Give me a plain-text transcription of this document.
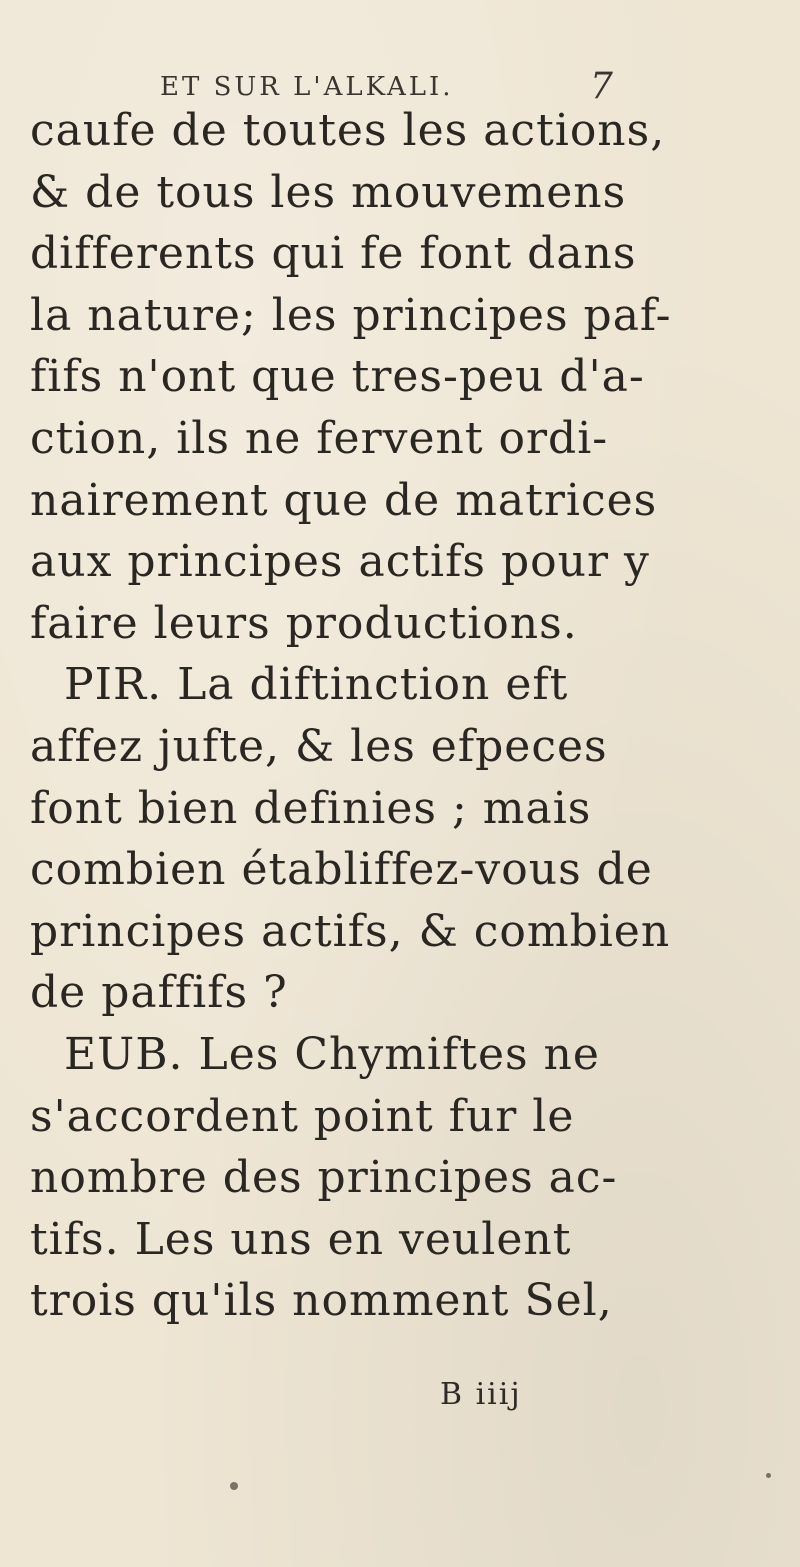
ET SUR L'ALKALI.	7
caufe de toutes les actions,
& de tous les mouvemens
differents qui fe font dans
la nature; les principes paf-
fifs n'ont que tres-peu d'a-
ction, ils ne fervent ordi-
nairement que de matrices
aux principes actifs pour y
faire leurs productions.
PIR. La diftinction eft
affez jufte, & les efpeces
font bien definies ; mais
combien établiffez-vous de
principes actifs, & combien
de paffifs ?
EUB. Les Chymiftes ne
s'accordent point fur le
nombre des principes ac-
tifs. Les uns en veulent
trois qu'ils nomment Sel,
B iiij
